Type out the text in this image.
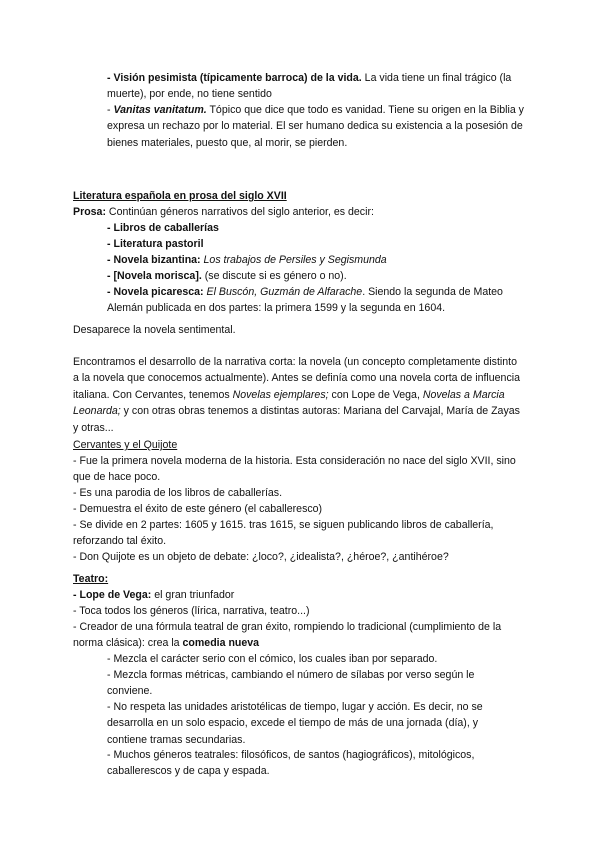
- Visión pesimista (típicamente barroca) de la vida. La vida tiene un final trágico (la muerte), por ende, no tiene sentido

- Vanitas vanitatum. Tópico que dice que todo es vanidad. Tiene su origen en la Biblia y expresa un rechazo por lo material. El ser humano dedica su existencia a la posesión de bienes materiales, puesto que, al morir, se pierden.

Literatura española en prosa del siglo XVII

Prosa: Continúan géneros narrativos del siglo anterior, es decir:

- Libros de caballerías

- Literatura pastoril

- Novela bizantina: Los trabajos de Persiles y Segismunda

- [Novela morisca]. (se discute si es género o no).

- Novela picaresca: El Buscón, Guzmán de Alfarache. Siendo la segunda de Mateo Alemán publicada en dos partes: la primera 1599 y la segunda en 1604.

Desaparece la novela sentimental.

Encontramos el desarrollo de la narrativa corta: la novela (un concepto completamente distinto a la novela que conocemos actualmente). Antes se definía como una novela corta de influencia italiana. Con Cervantes, tenemos Novelas ejemplares; con Lope de Vega, Novelas a Marcia Leonarda; y con otras obras tenemos a distintas autoras: Mariana del Carvajal, María de Zayas y otras...

Cervantes y el Quijote

- Fue la primera novela moderna de la historia. Esta consideración no nace del siglo XVII, sino que de hace poco.

- Es una parodia de los libros de caballerías.

- Demuestra el éxito de este género (el caballeresco)

- Se divide en 2 partes: 1605 y 1615. tras 1615, se siguen publicando libros de caballería, reforzando tal éxito.

- Don Quijote es un objeto de debate: ¿loco?, ¿idealista?, ¿héroe?, ¿antihéroe?

Teatro:

- Lope de Vega: el gran triunfador

- Toca todos los géneros (lírica, narrativa, teatro...)

- Creador de una fórmula teatral de gran éxito, rompiendo lo tradicional (cumplimiento de la norma clásica): crea la comedia nueva

- Mezcla el carácter serio con el cómico, los cuales iban por separado.

- Mezcla formas métricas, cambiando el número de sílabas por verso según le conviene.

- No respeta las unidades aristotélicas de tiempo, lugar y acción. Es decir, no se desarrolla en un solo espacio, excede el tiempo de más de una jornada (día), y contiene tramas secundarias.

- Muchos géneros teatrales: filosóficos, de santos (hagiográficos), mitológicos, caballerescos y de capa y espada.
